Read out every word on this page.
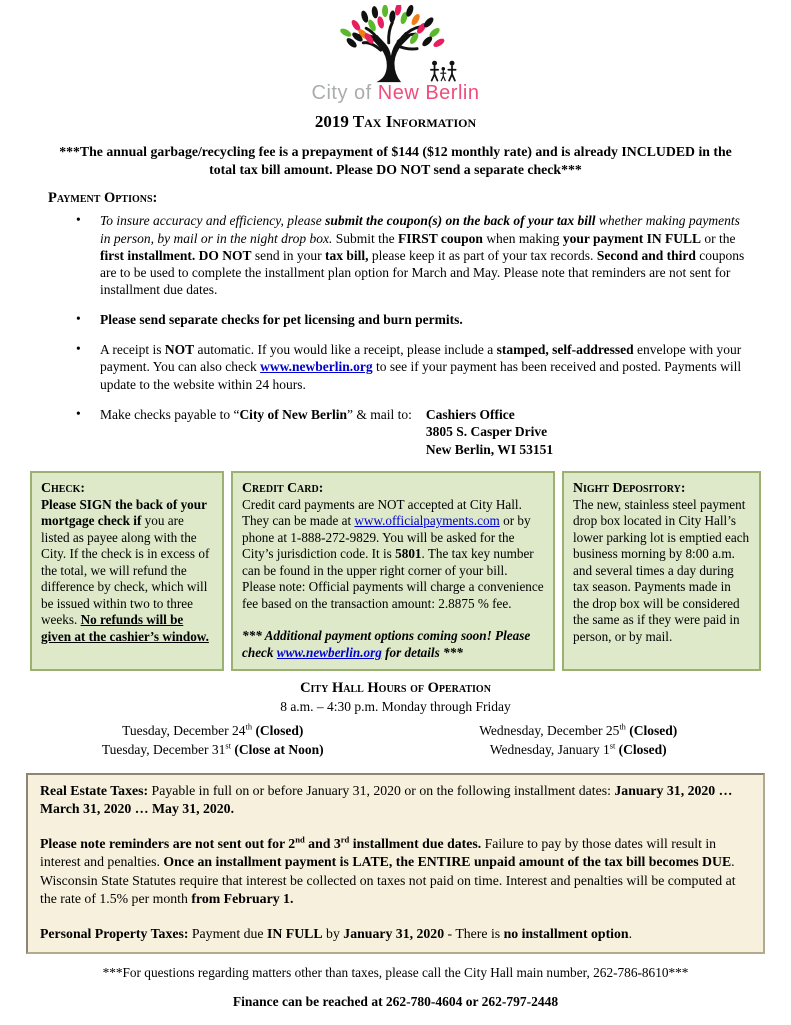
City of New Berlin
2019 Tax Information

***The annual garbage/recycling fee is a prepayment of $144 ($12 monthly rate) and is already INCLUDED in the total tax bill amount. Please DO NOT send a separate check***

Payment Options:
• To insure accuracy and efficiency, please submit the coupon(s) on the back of your tax bill whether making payments in person, by mail or in the night drop box. Submit the FIRST coupon when making your payment IN FULL or the first installment. DO NOT send in your tax bill, please keep it as part of your tax records. Second and third coupons are to be used to complete the installment plan option for March and May. Please note that reminders are not sent for installment due dates.
• Please send separate checks for pet licensing and burn permits.
• A receipt is NOT automatic. If you would like a receipt, please include a stamped, self-addressed envelope with your payment. You can also check www.newberlin.org to see if your payment has been received and posted. Payments will update to the website within 24 hours.
• Make checks payable to “City of New Berlin” & mail to: Cashiers Office
3805 S. Casper Drive
New Berlin, WI 53151
Check:
Please SIGN the back of your mortgage check if you are listed as payee along with the City. If the check is in excess of the total, we will refund the difference by check, which will be issued within two to three weeks. No refunds will be given at the cashier’s window.
Credit Card:
Credit card payments are NOT accepted at City Hall. They can be made at www.officialpayments.com or by phone at 1-888-272-9829. You will be asked for the City’s jurisdiction code. It is 5801. The tax key number can be found in the upper right corner of your bill. Please note: Official payments will charge a convenience fee based on the transaction amount: 2.8875 % fee.
*** Additional payment options coming soon! Please check www.newberlin.org for details ***
Night Depository:
The new, stainless steel payment drop box located in City Hall’s lower parking lot is emptied each business morning by 8:00 a.m. and several times a day during tax season. Payments made in the drop box will be considered the same as if they were paid in person, or by mail.
City Hall Hours of Operation
8 a.m. – 4:30 p.m. Monday through Friday
Tuesday, December 24th (Closed)
Tuesday, December 31st (Close at Noon)
Wednesday, December 25th (Closed)
Wednesday, January 1st (Closed)

Real Estate Taxes: Payable in full on or before January 31, 2020 or on the following installment dates: January 31, 2020 … March 31, 2020 … May 31, 2020.

Please note reminders are not sent out for 2nd and 3rd installment due dates. Failure to pay by those dates will result in interest and penalties. Once an installment payment is LATE, the ENTIRE unpaid amount of the tax bill becomes DUE. Wisconsin State Statutes require that interest be collected on taxes not paid on time. Interest and penalties will be computed at the rate of 1.5% per month from February 1.

Personal Property Taxes: Payment due IN FULL by January 31, 2020 - There is no installment option.

***For questions regarding matters other than taxes, please call the City Hall main number, 262-786-8610***

Finance can be reached at 262-780-4604 or 262-797-2448
